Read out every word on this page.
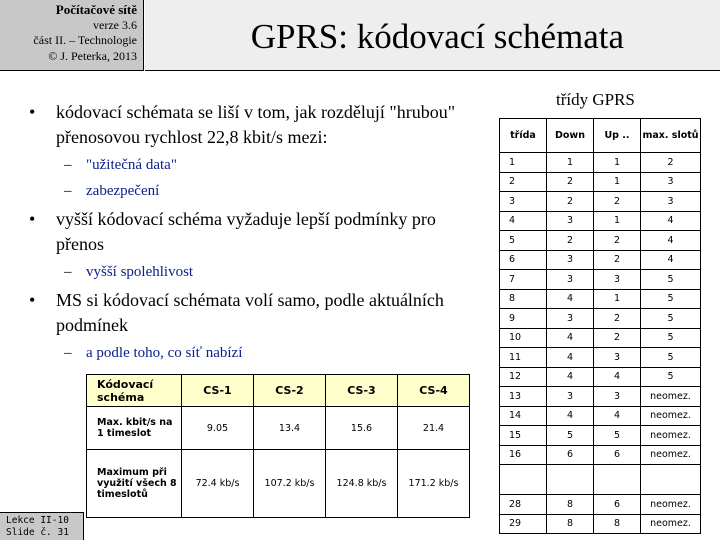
Počítačové sítě
verze 3.6
část II. – Technologie
© J. Peterka, 2013	GPRS: kódovací schémata
• kódovací schémata se liší v tom, jak rozdělují "hrubou" přenosovou rychlost 22,8 kbit/s mezi:
– "užitečná data"
– zabezpečení
• vyšší kódovací schéma vyžaduje lepší podmínky pro přenos
– vyšší spolehlivost
• MS si kódovací schémata volí samo, podle aktuálních podmínek
– a podle toho, co síť nabízí
Kódovací schéma	CS-1	CS-2	CS-3	CS-4
Max. kbit/s na 1 timeslot	9.05	13.4	15.6	21.4
Maximum při využití všech 8 timeslotů	72.4 kb/s	107.2 kb/s	124.8 kb/s	171.2 kb/s
třídy GPRS
třída	Down	Up ..	max. slotů
1	1	1	2
2	2	1	3
3	2	2	3
4	3	1	4
5	2	2	4
6	3	2	4
7	3	3	5
8	4	1	5
9	3	2	5
10	4	2	5
11	4	3	5
12	4	4	5
13	3	3	neomez.
14	4	4	neomez.
15	5	5	neomez.
16	6	6	neomez.

28	8	6	neomez.
29	8	8	neomez.
Lekce II-10
Slide č. 31
